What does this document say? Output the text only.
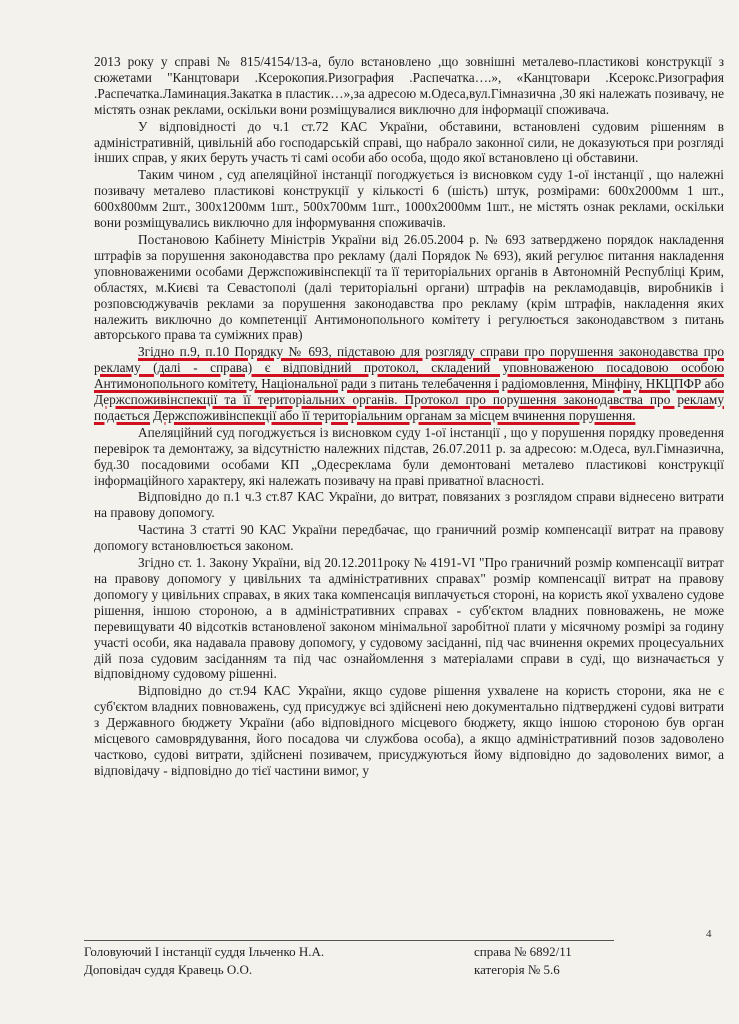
2013 року у справі № 815/4154/13-а, було встановлено ,що зовнішні металево-пластикові конструкції з сюжетами "Канцтовари .Ксерокопия.Ризография .Распечатка….», «Канцтовари .Ксерокс.Ризография .Распечатка.Ламинация.Закатка в пластик…»,за адресою м.Одеса,вул.Гімназична ,30 які належать позивачу, не містять ознак реклами, оскільки вони розміщувалися виключно для інформації споживача.

У відповідності до ч.1 ст.72 КАС України, обставини, встановлені судовим рішенням в адміністративній, цивільній або господарській справі, що набрало законної сили, не доказуються при розгляді інших справ, у яких беруть участь ті самі особи або особа, щодо якої встановлено ці обставини.

Таким чином , суд апеляційної інстанції погоджується із висновком суду 1-ої інстанції , що належні позивачу металево пластикові конструкції у кількості 6 (шість) штук, розмірами: 600х2000мм 1 шт., 600х800мм 2шт., 300х1200мм 1шт., 500х700мм 1шт., 1000х2000мм 1шт., не містять ознак реклами, оскільки вони розміщувались виключно для інформування споживачів.

Постановою Кабінету Міністрів України від 26.05.2004 р. № 693 затверджено порядок накладення штрафів за порушення законодавства про рекламу (далі Порядок № 693), який регулює питання накладення уповноваженими особами Держспоживінспекції та її територіальних органів в Автономній Республіці Крим, областях, м.Києві та Севастополі (далі територіальні органи) штрафів на рекламодавців, виробників і розповсюджувачів реклами за порушення законодавства про рекламу (крім штрафів, накладення яких належить виключно до компетенції Антимонопольного комітету і регулюється законодавством з питань авторського права та суміжних прав)

Згідно п.9, п.10 Порядку № 693, підставою для розгляду справи про порушення законодавства про рекламу (далі - справа) є відповідний протокол, складений уповноваженою посадовою особою Антимонопольного комітету, Національної ради з питань телебачення і радіомовлення, Мінфіну, НКЦПФР або Держспоживінспекції та її територіальних органів. Протокол про порушення законодавства про рекламу подається Держспоживінспекції або її територіальним органам за місцем вчинення порушення.

Апеляційний суд погоджується із висновком суду 1-ої інстанції , що у порушення порядку проведення перевірок та демонтажу, за відсутністю належних підстав, 26.07.2011 р. за адресою: м.Одеса, вул.Гімназична, буд.30 посадовими особами КП „Одесреклама були демонтовані металево пластикові конструкції інформаційного характеру, які належать позивачу на праві приватної власності.

Відповідно до п.1 ч.3 ст.87 КАС України, до витрат, повязаних з розглядом справи віднесено витрати на правову допомогу.

Частина 3 статті 90 КАС України передбачає, що граничний розмір компенсації витрат на правову допомогу встановлюється законом.

Згідно ст. 1. Закону України, від 20.12.2011року № 4191-VI "Про граничний розмір компенсації витрат на правову допомогу у цивільних та адміністративних справах" розмір компенсації витрат на правову допомогу у цивільних справах, в яких така компенсація виплачується стороні, на користь якої ухвалено судове рішення, іншою стороною, а в адміністративних справах - суб'єктом владних повноважень, не може перевищувати 40 відсотків встановленої законом мінімальної заробітної плати у місячному розмірі за годину участі особи, яка надавала правову допомогу, у судовому засіданні, під час вчинення окремих процесуальних дій поза судовим засіданням та під час ознайомлення з матеріалами справи в суді, що визначається у відповідному судовому рішенні.

Відповідно до ст.94 КАС України, якщо судове рішення ухвалене на користь сторони, яка не є суб'єктом владних повноважень, суд присуджує всі здійснені нею документально підтверджені судові витрати з Державного бюджету України (або відповідного місцевого бюджету, якщо іншою стороною був орган місцевого самоврядування, його посадова чи службова особа), а якщо адміністративний позов задоволено частково, судові витрати, здійснені позивачем, присуджуються йому відповідно до задоволених вимог, а відповідачу - відповідно до тієї частини вимог, у

4
Головуючий І інстанції суддя Ільченко Н.А.	справа № 6892/11
Доповідач суддя Кравець О.О.	категорія № 5.6
